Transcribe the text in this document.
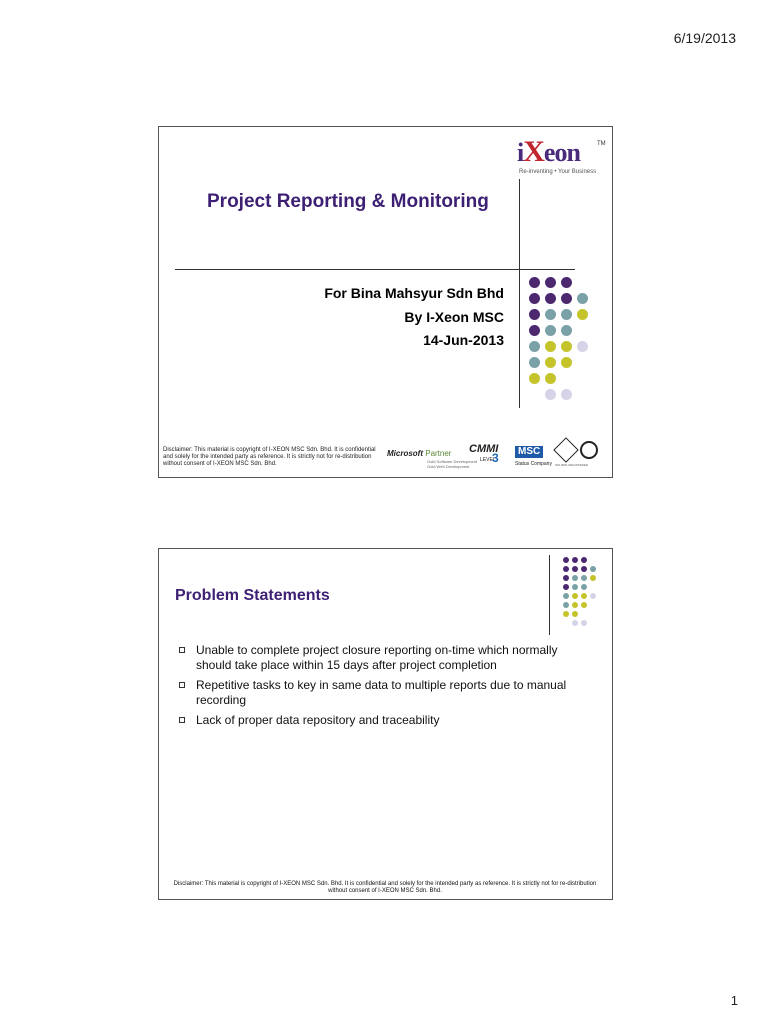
6/19/2013
iXeon	TM
Re-inventing • Your Business
Project Reporting & Monitoring
For Bina Mahsyur Sdn Bhd
By I-Xeon MSC
14-Jun-2013
Disclaimer: This material is copyright of I-XEON MSC Sdn. Bhd. It is confidential and solely for the intended party as reference. It is strictly not for re-distribution without consent of I-XEON MSC Sdn. Bhd.
Microsoft Partner
Gold Software Development
Gold Web Development
CMMI
LEVEL
3	MSC
Status Company ISO 9001 REGISTERED
Problem Statements
Unable to complete project closure reporting on-time which normally should take place within 15 days after project completion
Repetitive tasks to key in same data to multiple reports due to manual recording
Lack of proper data repository and traceability
Disclaimer: This material is copyright of I-XEON MSC Sdn. Bhd. It is confidential and solely for the intended party as reference. It is strictly not for re-distribution without consent of I-XEON MSC Sdn. Bhd.
1
